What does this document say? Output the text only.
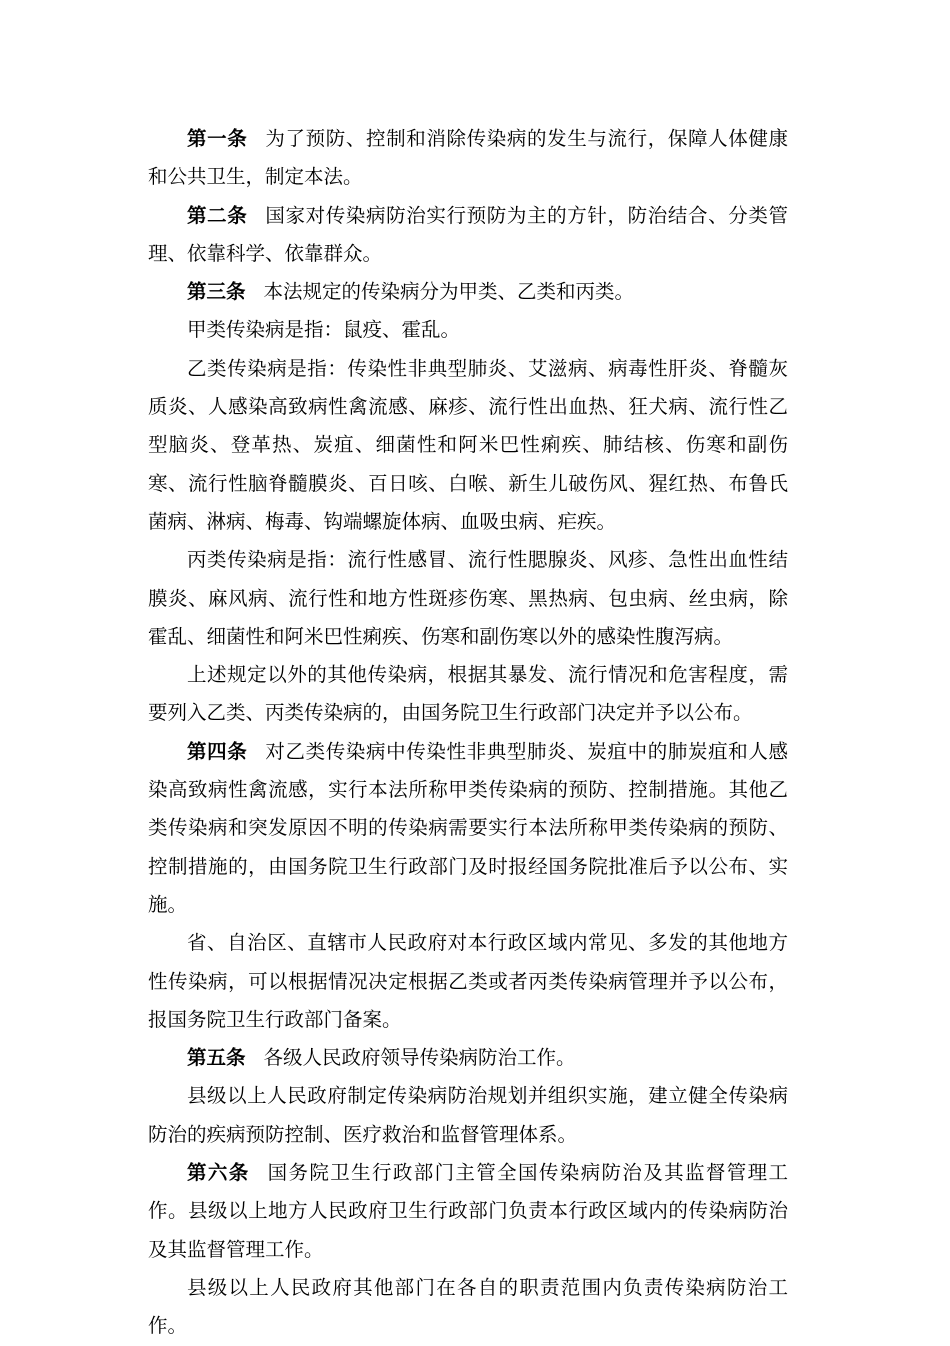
第一条 为了预防、控制和消除传染病的发生与流行，保障人体健康和公共卫生，制定本法。

第二条 国家对传染病防治实行预防为主的方针，防治结合、分类管理、依靠科学、依靠群众。

第三条 本法规定的传染病分为甲类、乙类和丙类。

甲类传染病是指：鼠疫、霍乱。

乙类传染病是指：传染性非典型肺炎、艾滋病、病毒性肝炎、脊髓灰质炎、人感染高致病性禽流感、麻疹、流行性出血热、狂犬病、流行性乙型脑炎、登革热、炭疽、细菌性和阿米巴性痢疾、肺结核、伤寒和副伤寒、流行性脑脊髓膜炎、百日咳、白喉、新生儿破伤风、猩红热、布鲁氏菌病、淋病、梅毒、钩端螺旋体病、血吸虫病、疟疾。

丙类传染病是指：流行性感冒、流行性腮腺炎、风疹、急性出血性结膜炎、麻风病、流行性和地方性斑疹伤寒、黑热病、包虫病、丝虫病，除霍乱、细菌性和阿米巴性痢疾、伤寒和副伤寒以外的感染性腹泻病。

上述规定以外的其他传染病，根据其暴发、流行情况和危害程度，需要列入乙类、丙类传染病的，由国务院卫生行政部门决定并予以公布。

第四条 对乙类传染病中传染性非典型肺炎、炭疽中的肺炭疽和人感染高致病性禽流感，实行本法所称甲类传染病的预防、控制措施。其他乙类传染病和突发原因不明的传染病需要实行本法所称甲类传染病的预防、控制措施的，由国务院卫生行政部门及时报经国务院批准后予以公布、实施。

省、自治区、直辖市人民政府对本行政区域内常见、多发的其他地方性传染病，可以根据情况决定根据乙类或者丙类传染病管理并予以公布，报国务院卫生行政部门备案。

第五条 各级人民政府领导传染病防治工作。

县级以上人民政府制定传染病防治规划并组织实施，建立健全传染病防治的疾病预防控制、医疗救治和监督管理体系。

第六条 国务院卫生行政部门主管全国传染病防治及其监督管理工作。县级以上地方人民政府卫生行政部门负责本行政区域内的传染病防治及其监督管理工作。

县级以上人民政府其他部门在各自的职责范围内负责传染病防治工作。
